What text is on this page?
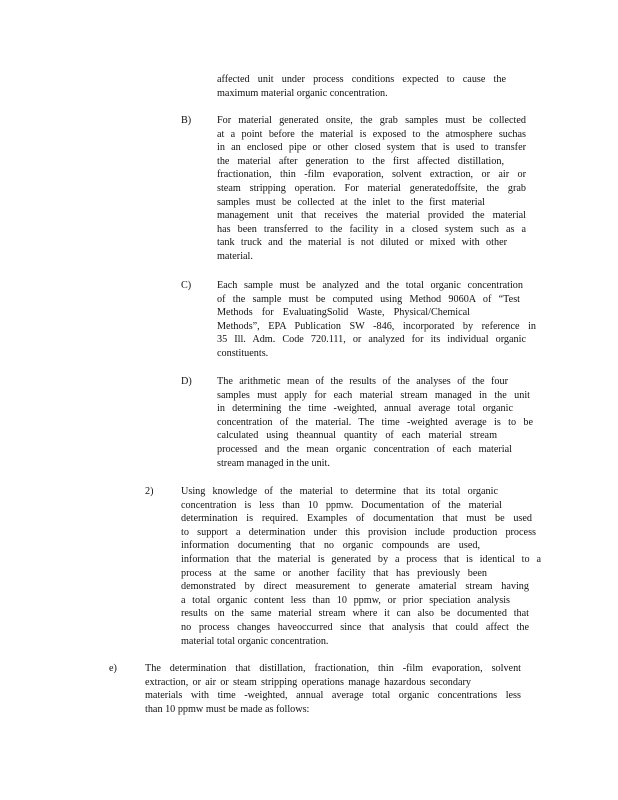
affected unit under process conditions expected to cause the
maximum material organic concentration.
B)	For material generated onsite, the grab samples must be collected
at a point before the material is exposed to the atmosphere suchas
in an enclosed pipe or other closed system that is used to transfer
the material after generation to the first affected distillation,
fractionation, thin -film evaporation, solvent extraction, or air or
steam stripping operation. For material generatedoffsite, the grab
samples must be collected at the inlet to the first material
management unit that receives the material provided the material
has been transferred to the facility in a closed system such as a
tank truck and the material is not diluted or mixed with other
material.
C)	Each sample must be analyzed and the total organic concentration
of the sample must be computed using Method 9060A of “Test
Methods for EvaluatingSolid Waste, Physical/Chemical
Methods”, EPA Publication SW -846, incorporated by reference in
35 Ill. Adm. Code 720.111, or analyzed for its individual organic
constituents.
D) The arithmetic mean of the results of the analyses of the four
samples must apply for each material stream managed in the unit
in determining the time -weighted, annual average total organic
concentration of the material. The time -weighted average is to be
calculated using theannual quantity of each material stream
processed and the mean organic concentration of each material
stream managed in the unit.
2)	Using knowledge of the material to determine that its total organic
concentration is less than 10 ppmw. Documentation of the material
determination is required. Examples of documentation that must be used
to support a determination under this provision include production process
information documenting that no organic compounds are used,
information that the material is generated by a process that is identical to a
process at the same or another facility that has previously been
demonstrated by direct measurement to generate amaterial stream having
a total organic content less than 10 ppmw, or prior speciation analysis
results on the same material stream where it can also be documented that
no process changes haveoccurred since that analysis that could affect the
material total organic concentration.
e)	The determination that distillation, fractionation, thin -film evaporation, solvent
extraction, or air or steam stripping operations manage hazardous secondary
materials with time -weighted, annual average total organic concentrations less
than 10 ppmw must be made as follows:
